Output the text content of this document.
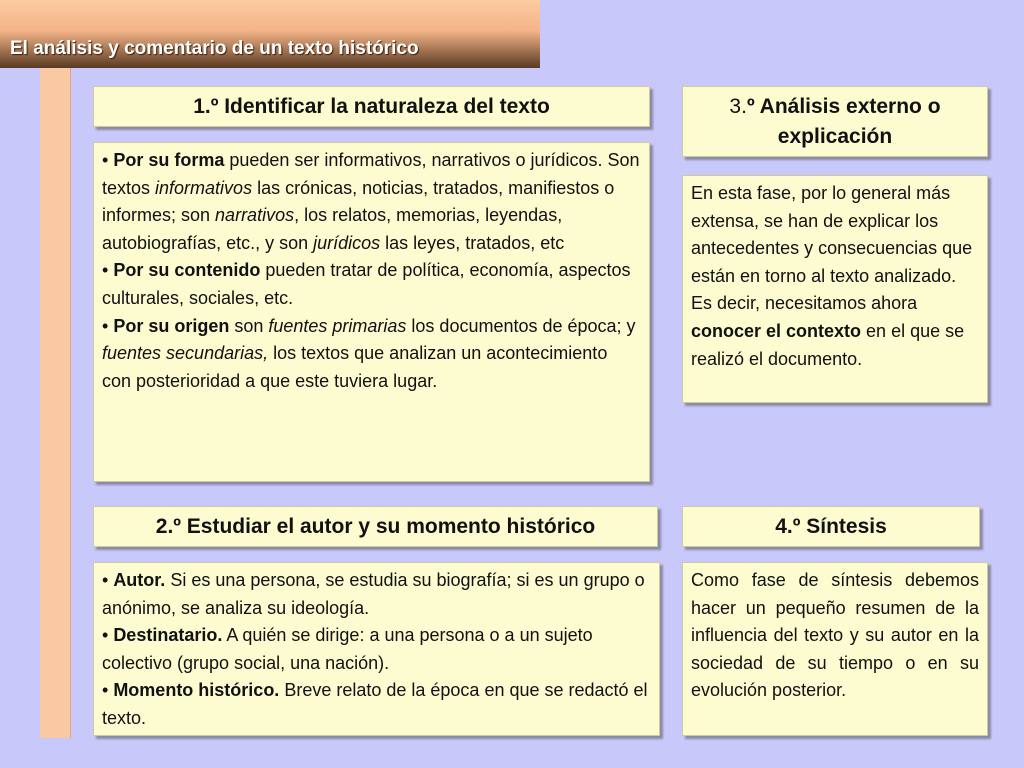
El análisis y comentario de un texto histórico
1.º Identificar la naturaleza del texto
• Por su forma pueden ser informativos, narrativos o jurídicos. Son textos informativos las crónicas, noticias, tratados, manifiestos o informes; son narrativos, los relatos, memorias, leyendas, autobiografías, etc., y son jurídicos las leyes, tratados, etc
• Por su contenido pueden tratar de política, economía, aspectos culturales, sociales, etc.
• Por su origen son fuentes primarias los documentos de época; y fuentes secundarias, los textos que analizan un acontecimiento con posterioridad a que este tuviera lugar.
2.º Estudiar el autor y su momento histórico
• Autor. Si es una persona, se estudia su biografía; si es un grupo o anónimo, se analiza su ideología.
• Destinatario. A quién se dirige: a una persona o a un sujeto colectivo (grupo social, una nación).
• Momento histórico. Breve relato de la época en que se redactó el texto.
3.º Análisis externo o explicación
En esta fase, por lo general más extensa, se han de explicar los antecedentes y consecuencias que están en torno al texto analizado. Es decir, necesitamos ahora conocer el contexto en el que se realizó el documento.
4.º Síntesis
Como fase de síntesis debemos hacer un pequeño resumen de la influencia del texto y su autor en la sociedad de su tiempo o en su evolución posterior.
